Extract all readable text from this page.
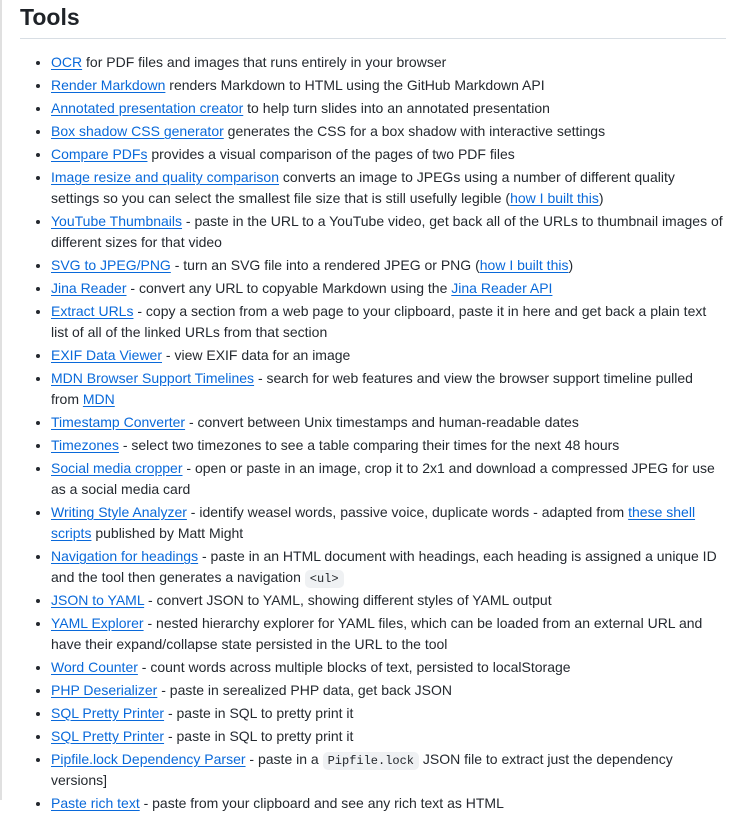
Tools
• OCR for PDF files and images that runs entirely in your browser
• Render Markdown renders Markdown to HTML using the GitHub Markdown API
• Annotated presentation creator to help turn slides into an annotated presentation
• Box shadow CSS generator generates the CSS for a box shadow with interactive settings
• Compare PDFs provides a visual comparison of the pages of two PDF files
• Image resize and quality comparison converts an image to JPEGs using a number of different quality settings so you can select the smallest file size that is still usefully legible (how I built this)
• YouTube Thumbnails - paste in the URL to a YouTube video, get back all of the URLs to thumbnail images of different sizes for that video
• SVG to JPEG/PNG - turn an SVG file into a rendered JPEG or PNG (how I built this)
• Jina Reader - convert any URL to copyable Markdown using the Jina Reader API
• Extract URLs - copy a section from a web page to your clipboard, paste it in here and get back a plain text list of all of the linked URLs from that section
• EXIF Data Viewer - view EXIF data for an image
• MDN Browser Support Timelines - search for web features and view the browser support timeline pulled from MDN
• Timestamp Converter - convert between Unix timestamps and human-readable dates
• Timezones - select two timezones to see a table comparing their times for the next 48 hours
• Social media cropper - open or paste in an image, crop it to 2x1 and download a compressed JPEG for use as a social media card
• Writing Style Analyzer - identify weasel words, passive voice, duplicate words - adapted from these shell scripts published by Matt Might
• Navigation for headings - paste in an HTML document with headings, each heading is assigned a unique ID and the tool then generates a navigation <ul>
• JSON to YAML - convert JSON to YAML, showing different styles of YAML output
• YAML Explorer - nested hierarchy explorer for YAML files, which can be loaded from an external URL and have their expand/collapse state persisted in the URL to the tool
• Word Counter - count words across multiple blocks of text, persisted to localStorage
• PHP Deserializer - paste in serealized PHP data, get back JSON
• SQL Pretty Printer - paste in SQL to pretty print it
• SQL Pretty Printer - paste in SQL to pretty print it
• Pipfile.lock Dependency Parser - paste in a Pipfile.lock JSON file to extract just the dependency versions]
• Paste rich text - paste from your clipboard and see any rich text as HTML
